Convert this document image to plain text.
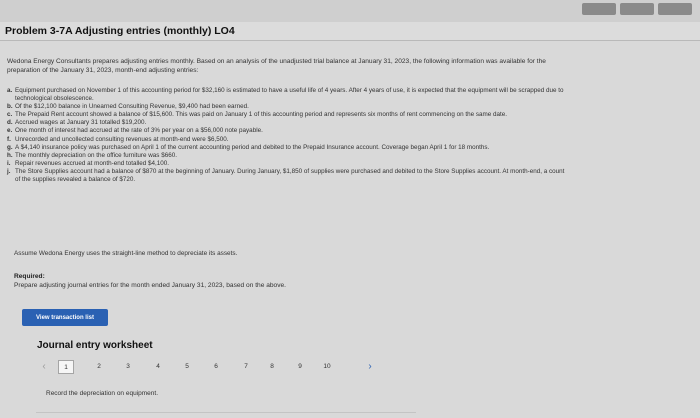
Problem 3-7A Adjusting entries (monthly) LO4
Wedona Energy Consultants prepares adjusting entries monthly. Based on an analysis of the unadjusted trial balance at January 31, 2023, the following information was available for the preparation of the January 31, 2023, month-end adjusting entries:
a. Equipment purchased on November 1 of this accounting period for $32,160 is estimated to have a useful life of 4 years. After 4 years of use, it is expected that the equipment will be scrapped due to technological obsolescence.
b. Of the $12,100 balance in Unearned Consulting Revenue, $9,400 had been earned.
c. The Prepaid Rent account showed a balance of $15,600. This was paid on January 1 of this accounting period and represents six months of rent commencing on the same date.
d. Accrued wages at January 31 totalled $19,200.
e. One month of interest had accrued at the rate of 3% per year on a $56,000 note payable.
f. Unrecorded and uncollected consulting revenues at month-end were $6,500.
g. A $4,140 insurance policy was purchased on April 1 of the current accounting period and debited to the Prepaid Insurance account. Coverage began April 1 for 18 months.
h. The monthly depreciation on the office furniture was $660.
i. Repair revenues accrued at month-end totalled $4,100.
j. The Store Supplies account had a balance of $870 at the beginning of January. During January, $1,850 of supplies were purchased and debited to the Store Supplies account. At month-end, a count of the supplies revealed a balance of $720.
Assume Wedona Energy uses the straight-line method to depreciate its assets.
Required:
Prepare adjusting journal entries for the month ended January 31, 2023, based on the above.
View transaction list
Journal entry worksheet
‹	1	2	3	4	5	6	7	8	9	10	›
Record the depreciation on equipment.
